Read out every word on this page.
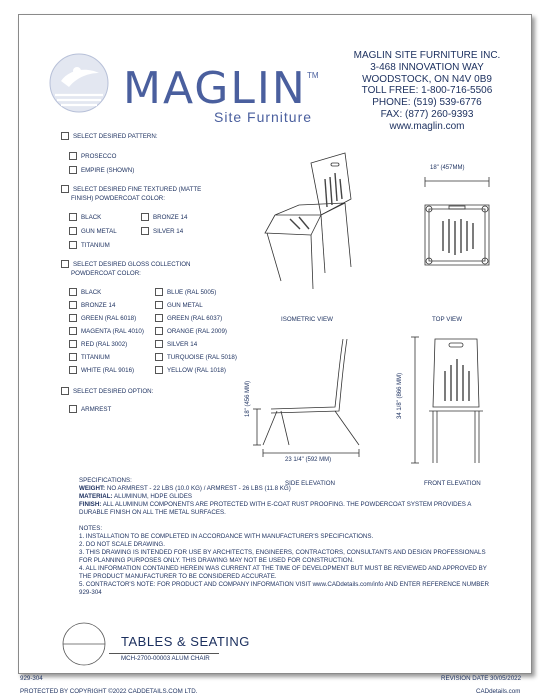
MAGLIN TM
Site Furniture
MAGLIN SITE FURNITURE INC.
3-468 INNOVATION WAY
WOODSTOCK, ON N4V 0B9
TOLL FREE: 1-800-716-5506
PHONE: (519) 539-6776
FAX: (877) 260-9393
www.maglin.com
SELECT DESIRED PATTERN:
PROSECCO
EMPIRE (SHOWN)
SELECT DESIRED FINE TEXTURED (MATTE
FINISH) POWDERCOAT COLOR:
BLACK	BRONZE 14
GUN METAL	SILVER 14
TITANIUM
SELECT DESIRED GLOSS COLLECTION
POWDERCOAT COLOR:
BLACK	BLUE (RAL 5005)
BRONZE 14	GUN METAL
GREEN (RAL 6018)	GREEN (RAL 6037)
MAGENTA (RAL 4010)	ORANGE (RAL 2009)
RED (RAL 3002)	SILVER 14
TITANIUM	TURQUOISE (RAL 5018)
WHITE (RAL 9016)	YELLOW (RAL 1018)
SELECT DESIRED OPTION:
ARMREST
ISOMETRIC VIEW
18" (457MM)
TOP VIEW
18" (456 MM)
23 1/4" (592 MM)
SIDE ELEVATION
34 1/8" (866 MM)
FRONT ELEVATION
SPECIFICATIONS:
WEIGHT: NO ARMREST - 22 LBS (10.0 KG) / ARMREST - 26 LBS (11.8 KG)
MATERIAL: ALUMINUM, HDPE GLIDES
FINISH: ALL ALUMINUM COMPONENTS ARE PROTECTED WITH E-COAT RUST PROOFING. THE POWDERCOAT SYSTEM PROVIDES A DURABLE FINISH ON ALL THE METAL SURFACES.
NOTES:
1. INSTALLATION TO BE COMPLETED IN ACCORDANCE WITH MANUFACTURER'S SPECIFICATIONS.
2. DO NOT SCALE DRAWING.
3. THIS DRAWING IS INTENDED FOR USE BY ARCHITECTS, ENGINEERS, CONTRACTORS, CONSULTANTS AND DESIGN PROFESSIONALS FOR PLANNING PURPOSES ONLY. THIS DRAWING MAY NOT BE USED FOR CONSTRUCTION.
4. ALL INFORMATION CONTAINED HEREIN WAS CURRENT AT THE TIME OF DEVELOPMENT BUT MUST BE REVIEWED AND APPROVED BY THE PRODUCT MANUFACTURER TO BE CONSIDERED ACCURATE.
5. CONTRACTOR'S NOTE: FOR PRODUCT AND COMPANY INFORMATION VISIT www.CADdetails.com/info AND ENTER REFERENCE NUMBER 929-304
TABLES & SEATING
MCH-2700-00003 ALUM CHAIR
929-304	REVISION DATE 30/05/2022
PROTECTED BY COPYRIGHT ©2022 CADDETAILS.COM LTD.	CADdetails.com
